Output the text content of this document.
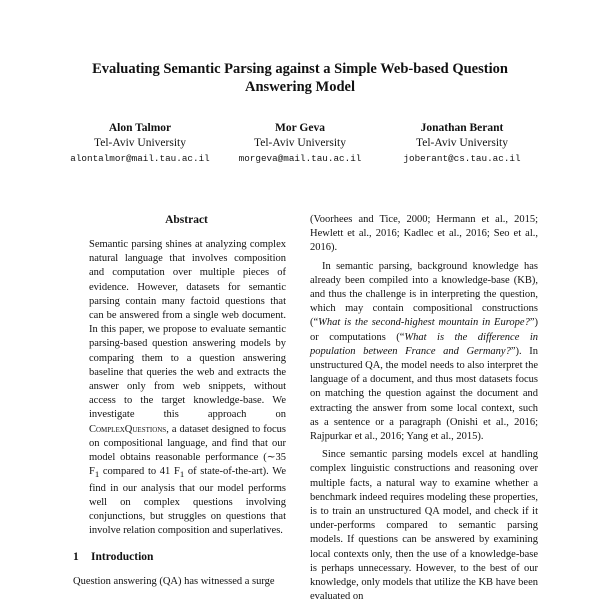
Evaluating Semantic Parsing against a Simple Web-based Question Answering Model
Alon Talmor
Tel-Aviv University
alontalmor@mail.tau.ac.il
Mor Geva
Tel-Aviv University
morgeva@mail.tau.ac.il
Jonathan Berant
Tel-Aviv University
joberant@cs.tau.ac.il
Abstract
Semantic parsing shines at analyzing complex natural language that involves composition and computation over multiple pieces of evidence. However, datasets for semantic parsing contain many factoid questions that can be answered from a single web document. In this paper, we propose to evaluate semantic parsing-based question answering models by comparing them to a question answering baseline that queries the web and extracts the answer only from web snippets, without access to the target knowledge-base. We investigate this approach on ComplexQuestions, a dataset designed to focus on compositional language, and find that our model obtains reasonable performance (∼35 $F_1$ compared to 41 $F_1$ of state-of-the-art). We find in our analysis that our model performs well on complex questions involving conjunctions, but struggles on questions that involve relation composition and superlatives.
1 Introduction
Question answering (QA) has witnessed a surge

(Voorhees and Tice, 2000; Hermann et al., 2015; Hewlett et al., 2016; Kadlec et al., 2016; Seo et al., 2016).

In semantic parsing, background knowledge has already been compiled into a knowledge-base (KB), and thus the challenge is in interpreting the question, which may contain compositional constructions (“What is the second-highest mountain in Europe?”) or computations (“What is the difference in population between France and Germany?”). In unstructured QA, the model needs to also interpret the language of a document, and thus most datasets focus on matching the question against the document and extracting the answer from some local context, such as a sentence or a paragraph (Onishi et al., 2016; Rajpurkar et al., 2016; Yang et al., 2015).

Since semantic parsing models excel at handling complex linguistic constructions and reasoning over multiple facts, a natural way to examine whether a benchmark indeed requires modeling these properties, is to train an unstructured QA model, and check if it under-performs compared to semantic parsing models. If questions can be answered by examining local contexts only, then the use of a knowledge-base is perhaps unnecessary. However, to the best of our knowledge, only models that utilize the KB have been evaluated on
